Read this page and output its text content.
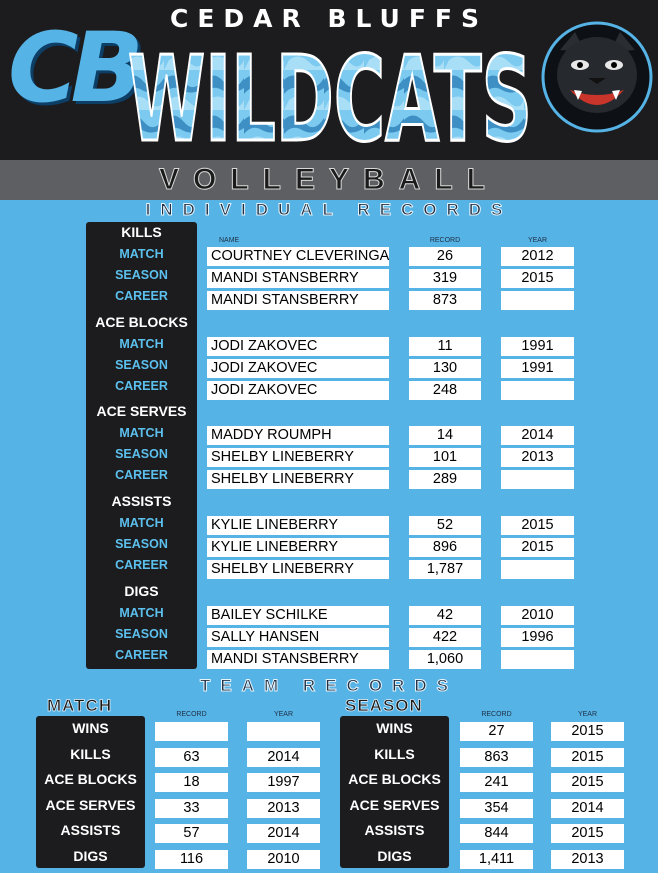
CEDAR BLUFFS
CB
WILDCATS
VOLLEYBALL
INDIVIDUAL RECORDS
NAME	RECORD	YEAR
KILLS
MATCH	COURTNEY CLEVERINGA	26	2012
SEASON	MANDI STANSBERRY	319	2015
CAREER	MANDI STANSBERRY	873
ACE BLOCKS
MATCH	JODI ZAKOVEC	11	1991
SEASON	JODI ZAKOVEC	130	1991
CAREER	JODI ZAKOVEC	248
ACE SERVES
MATCH	MADDY ROUMPH	14	2014
SEASON	SHELBY LINEBERRY	101	2013
CAREER	SHELBY LINEBERRY	289
ASSISTS
MATCH	KYLIE LINEBERRY	52	2015
SEASON	KYLIE LINEBERRY	896	2015
CAREER	SHELBY LINEBERRY	1,787
DIGS
MATCH	BAILEY SCHILKE	42	2010
SEASON	SALLY HANSEN	422	1996
CAREER	MANDI STANSBERRY	1,060
TEAM RECORDS
MATCH	RECORD	YEAR	SEASON	RECORD	YEAR
WINS
KILLS	63	2014
ACE BLOCKS	18	1997
ACE SERVES	33	2013
ASSISTS	57	2014
DIGS	116	2010
WINS	27	2015
KILLS	863	2015
ACE BLOCKS	241	2015
ACE SERVES	354	2014
ASSISTS	844	2015
DIGS	1,411	2013
